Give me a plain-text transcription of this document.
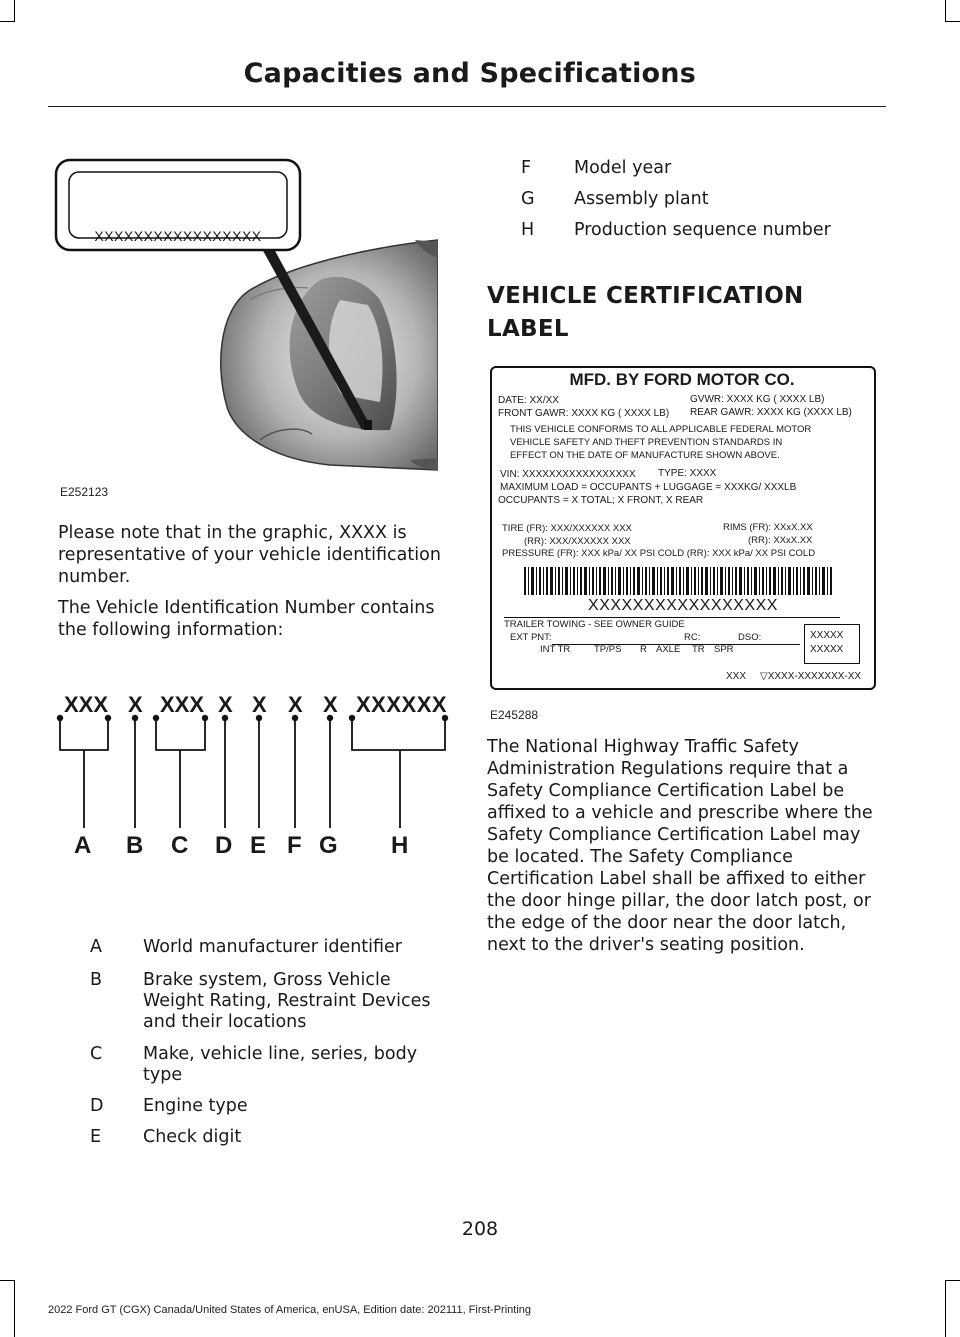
Capacities and Specifications
XXXXXXXXXXXXXXXXX
E252123
Please note that in the graphic, XXXX is representative of your vehicle identification number.
The Vehicle Identification Number contains the following information:
XXX X XXX X X X X XXXXXX
A B C D E F G H
A	World manufacturer identifier
B	Brake system, Gross Vehicle Weight Rating, Restraint Devices and their locations
C	Make, vehicle line, series, body type
D	Engine type
E	Check digit
F	Model year
G	Assembly plant
H	Production sequence number
VEHICLE CERTIFICATION LABEL
MFD. BY FORD MOTOR CO.
DATE: XX/XX	GVWR: XXXX KG ( XXXX LB)
FRONT GAWR: XXXX KG ( XXXX LB) REAR GAWR: XXXX KG (XXXX LB)
THIS VEHICLE CONFORMS TO ALL APPLICABLE FEDERAL MOTOR
VEHICLE SAFETY AND THEFT PREVENTION STANDARDS IN
EFFECT ON THE DATE OF MANUFACTURE SHOWN ABOVE.
VIN: XXXXXXXXXXXXXXXXX TYPE: XXXX
MAXIMUM LOAD = OCCUPANTS + LUGGAGE = XXXKG/ XXXLB
OCCUPANTS = X TOTAL; X FRONT, X REAR
TIRE (FR): XXX/XXXXXX XXX
(RR): XXX/XXXXXX XXX
RIMS (FR): XXxX.XX
(RR): XXxX.XX
PRESSURE (FR): XXX kPa/ XX PSI COLD (RR): XXX kPa/ XX PSI COLD
XXXXXXXXXXXXXXXXX
TRAILER TOWING - SEE OWNER GUIDE
EXT PNT:	RC:	DSO:	XXXXX
XXXXX
INT TR TP/PS R AXLE TR SPR
XXX ▽XXXX-XXXXXXX-XX
E245288
The National Highway Traffic Safety Administration Regulations require that a Safety Compliance Certification Label be affixed to a vehicle and prescribe where the Safety Compliance Certification Label may be located. The Safety Compliance Certification Label shall be affixed to either the door hinge pillar, the door latch post, or the edge of the door near the door latch, next to the driver's seating position.
208
2022 Ford GT (CGX) Canada/United States of America, enUSA, Edition date: 202111, First-Printing
